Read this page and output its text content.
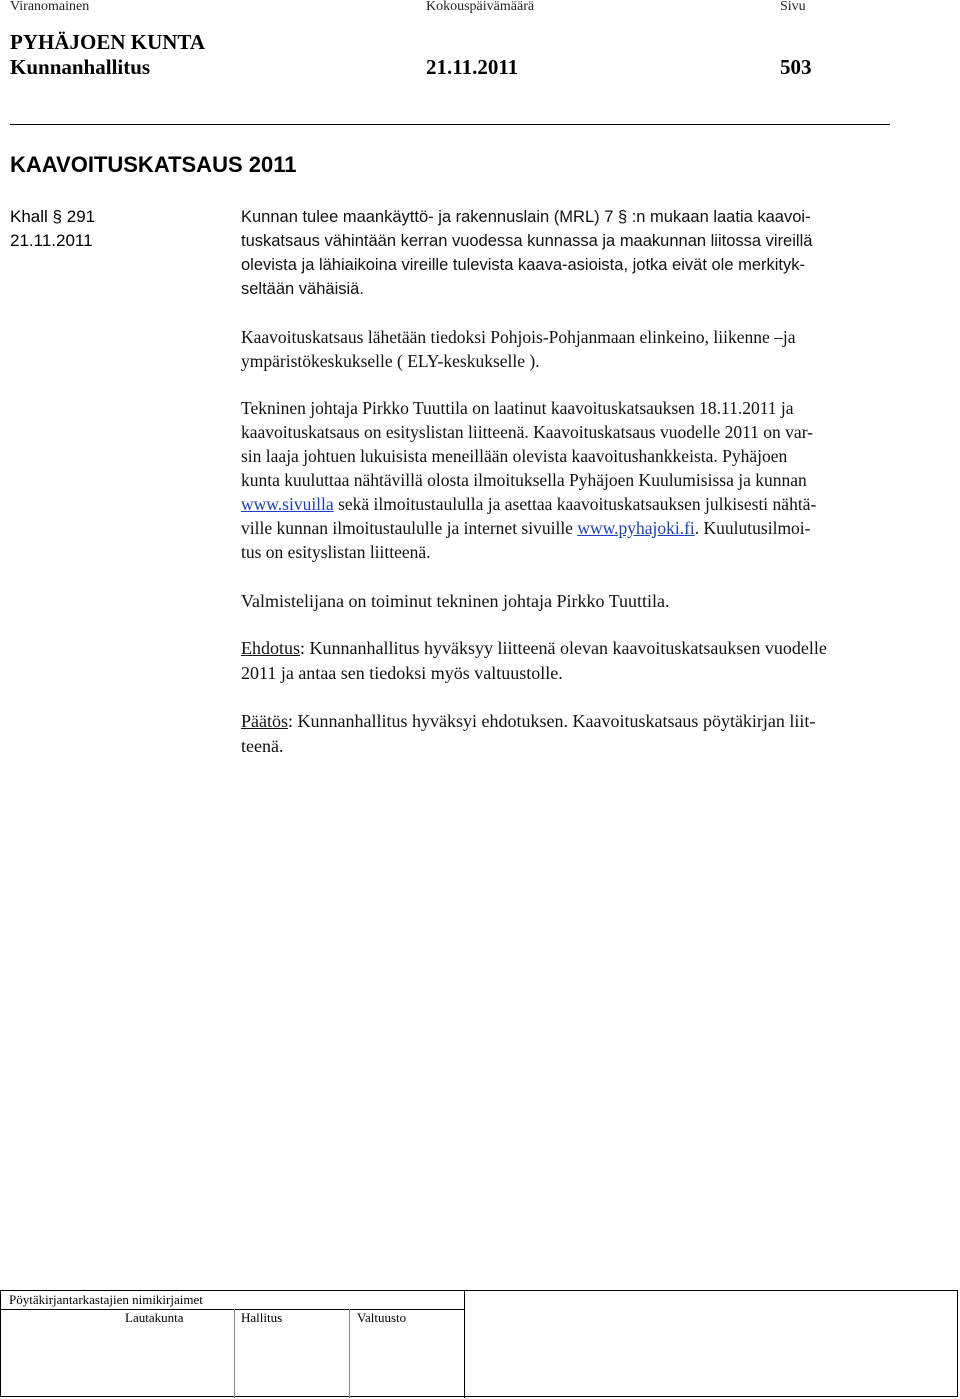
Viranomainen	Kokouspäivämäärä	Sivu
PYHÄJOEN KUNTA
Kunnanhallitus	21.11.2011	503
KAAVOITUSKATSAUS 2011
Khall § 291
21.11.2011
Kunnan tulee maankäyttö- ja rakennuslain (MRL) 7 § :n mukaan laatia kaavoi-
tuskatsaus vähintään kerran vuodessa kunnassa ja maakunnan liitossa vireillä
olevista ja lähiaikoina vireille tulevista kaava-asioista, jotka eivät ole merkityk-
seltään vähäisiä.
Kaavoituskatsaus lähetään tiedoksi Pohjois-Pohjanmaan elinkeino, liikenne –ja
ympäristökeskukselle ( ELY-keskukselle ).
Tekninen johtaja Pirkko Tuuttila on laatinut kaavoituskatsauksen 18.11.2011 ja
kaavoituskatsaus on esityslistan liitteenä. Kaavoituskatsaus vuodelle 2011 on var-
sin laaja johtuen lukuisista meneillään olevista kaavoitushankkeista. Pyhäjoen
kunta kuuluttaa nähtävillä olosta ilmoituksella Pyhäjoen Kuulumisissa ja kunnan
www.sivuilla sekä ilmoitustaululla ja asettaa kaavoituskatsauksen julkisesti nähtä-
ville kunnan ilmoitustaululle ja internet sivuille www.pyhajoki.fi. Kuulutusilmoi-
tus on esityslistan liitteenä.
Valmistelijana on toiminut tekninen johtaja Pirkko Tuuttila.
Ehdotus: Kunnanhallitus hyväksyy liitteenä olevan kaavoituskatsauksen vuodelle
2011 ja antaa sen tiedoksi myös valtuustolle.
Päätös: Kunnanhallitus hyväksyi ehdotuksen. Kaavoituskatsaus pöytäkirjan liit-
teenä.
Pöytäkirjantarkastajien nimikirjaimet
Lautakunta	Hallitus	Valtuusto
